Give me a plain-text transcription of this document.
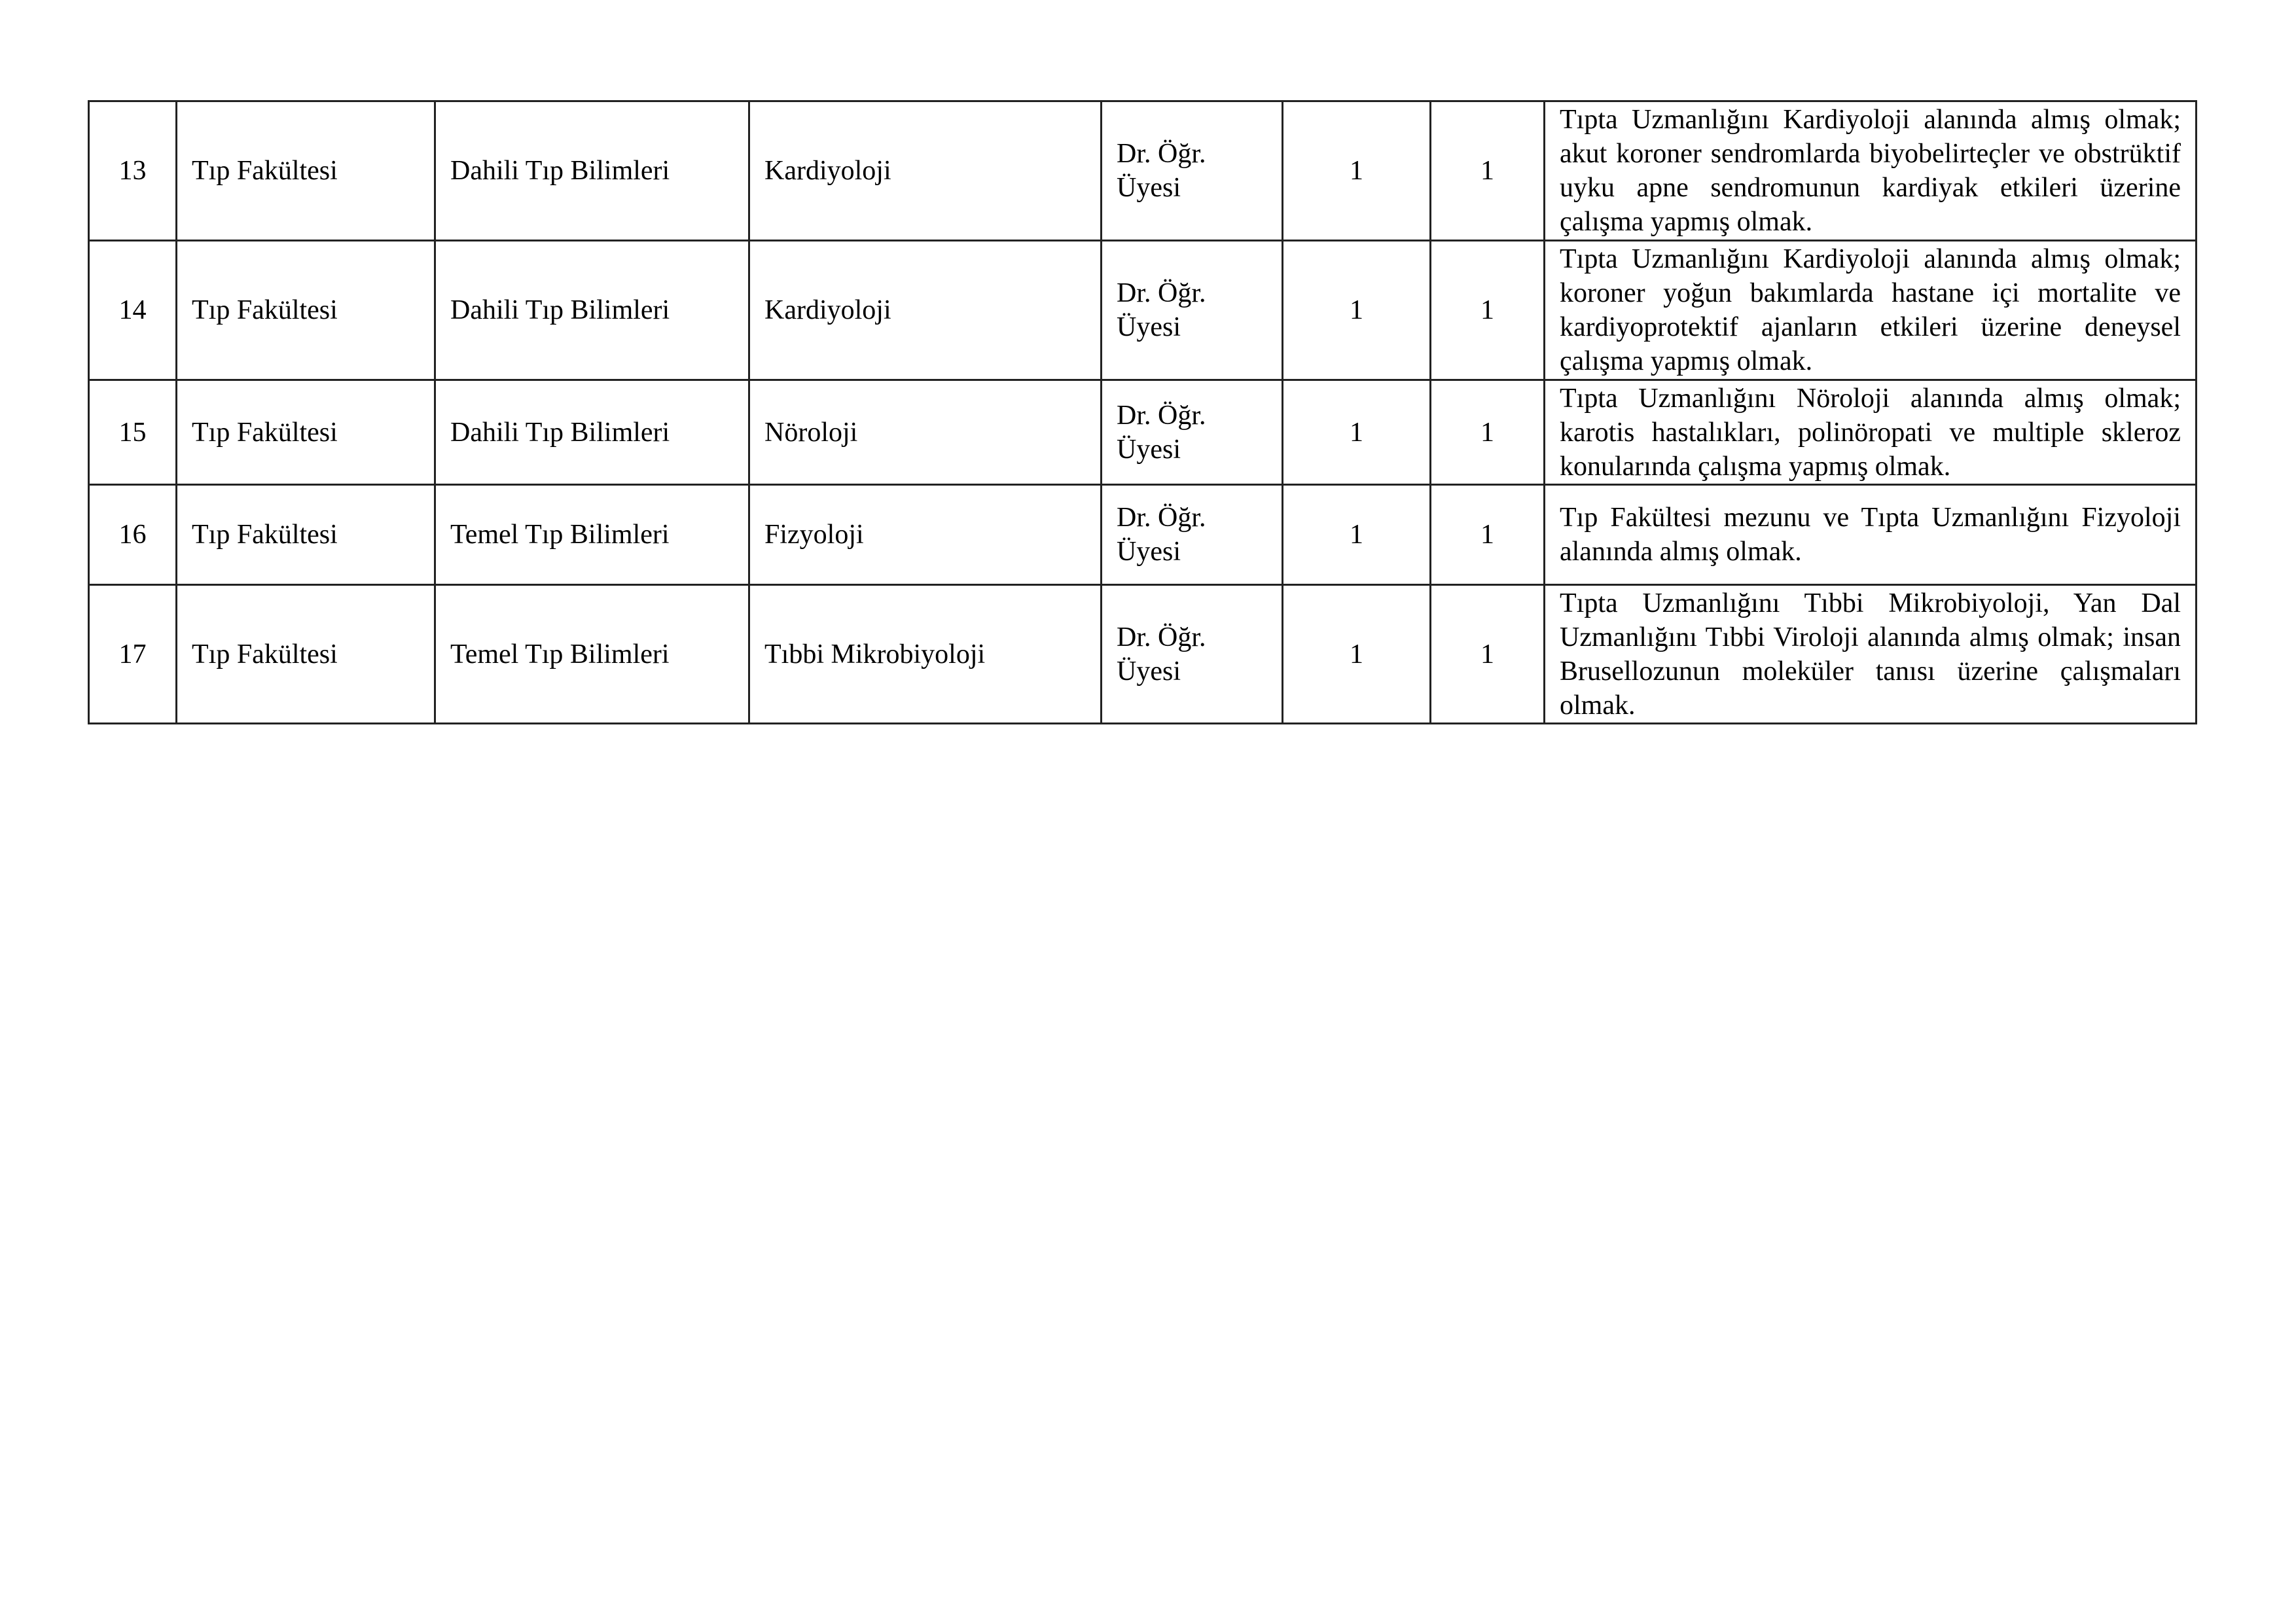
13	Tıp Fakültesi	Dahili Tıp Bilimleri	Kardiyoloji	Dr. Öğr. Üyesi	1	1	Tıpta Uzmanlığını Kardiyoloji alanında almış olmak; akut koroner sendromlarda biyobelirteçler ve obstrüktif uyku apne sendromunun kardiyak etkileri üzerine çalışma yapmış olmak.
14	Tıp Fakültesi	Dahili Tıp Bilimleri	Kardiyoloji	Dr. Öğr. Üyesi	1	1	Tıpta Uzmanlığını Kardiyoloji alanında almış olmak; koroner yoğun bakımlarda hastane içi mortalite ve kardiyoprotektif ajanların etkileri üzerine deneysel çalışma yapmış olmak.
15	Tıp Fakültesi	Dahili Tıp Bilimleri	Nöroloji	Dr. Öğr. Üyesi	1	1	Tıpta Uzmanlığını Nöroloji alanında almış olmak; karotis hastalıkları, polinöropati ve multiple skleroz konularında çalışma yapmış olmak.
16	Tıp Fakültesi	Temel Tıp Bilimleri	Fizyoloji	Dr. Öğr. Üyesi	1	1	Tıp Fakültesi mezunu ve Tıpta Uzmanlığını Fizyoloji alanında almış olmak.
17	Tıp Fakültesi	Temel Tıp Bilimleri	Tıbbi Mikrobiyoloji	Dr. Öğr. Üyesi	1	1	Tıpta Uzmanlığını Tıbbi Mikrobiyoloji, Yan Dal Uzmanlığını Tıbbi Viroloji alanında almış olmak; insan Brusellozunun moleküler tanısı üzerine çalışmaları olmak.
